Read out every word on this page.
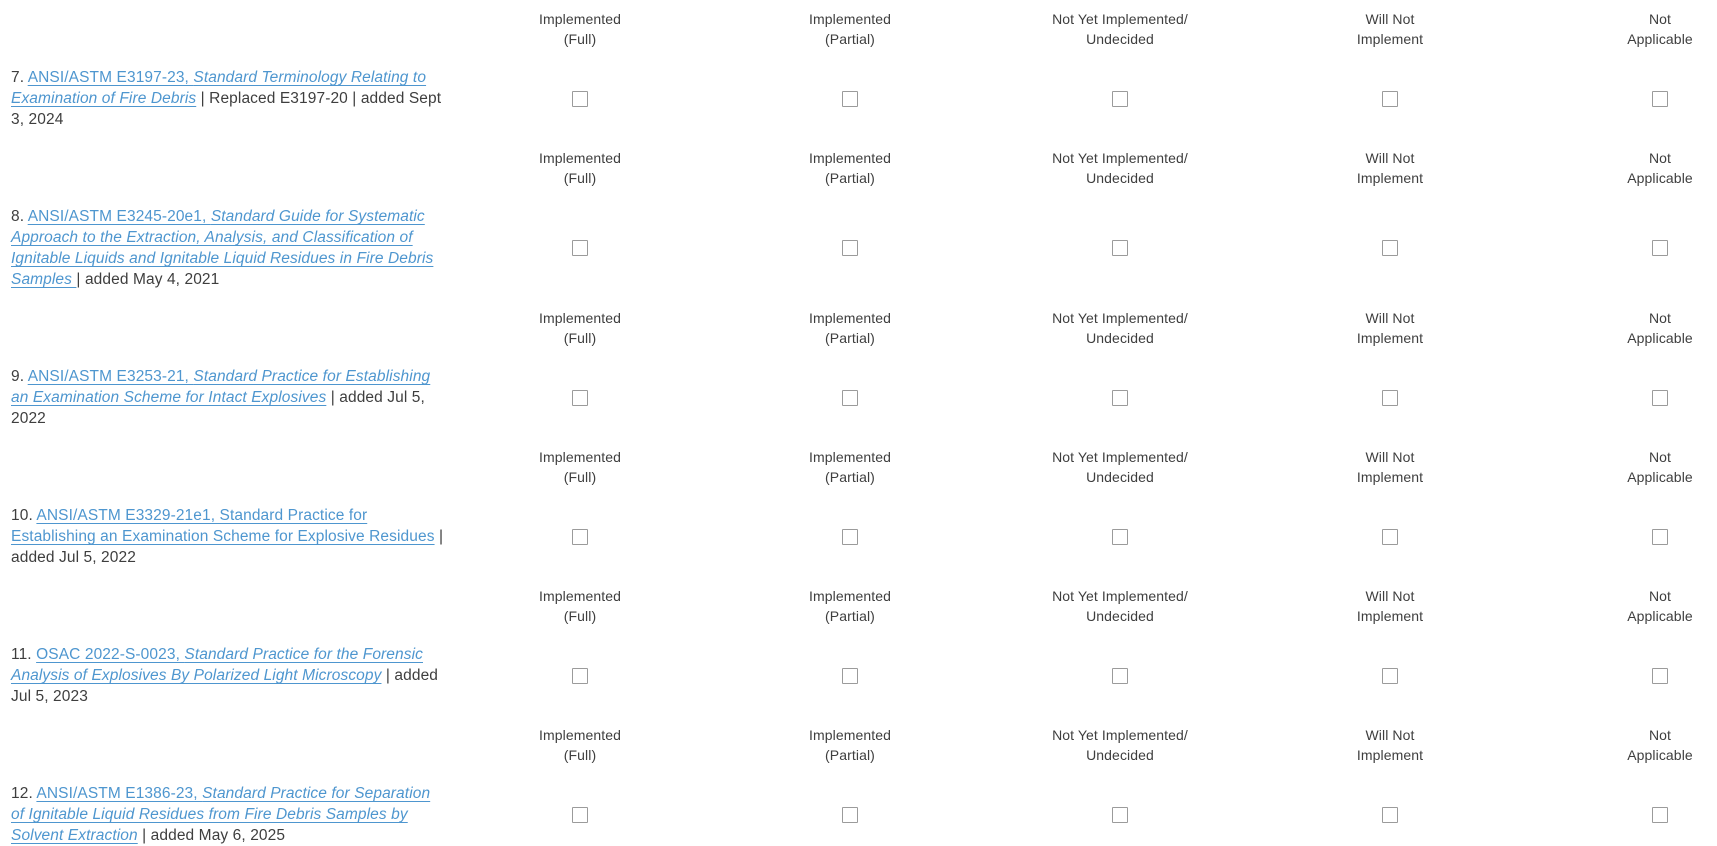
Implemented
(Full)
Implemented
(Partial)
Not Yet Implemented/
Undecided
Will Not
Implement
Not
Applicable
7. ANSI/ASTM E3197-23, Standard Terminology Relating to Examination of Fire Debris | Replaced E3197-20 | added Sept 3, 2024
Implemented
(Full)
Implemented
(Partial)
Not Yet Implemented/
Undecided
Will Not
Implement
Not
Applicable
8. ANSI/ASTM E3245-20e1, Standard Guide for Systematic Approach to the Extraction, Analysis, and Classification of Ignitable Liquids and Ignitable Liquid Residues in Fire Debris Samples | added May 4, 2021
Implemented
(Full)
Implemented
(Partial)
Not Yet Implemented/
Undecided
Will Not
Implement
Not
Applicable
9. ANSI/ASTM E3253-21, Standard Practice for Establishing an Examination Scheme for Intact Explosives | added Jul 5, 2022
Implemented
(Full)
Implemented
(Partial)
Not Yet Implemented/
Undecided
Will Not
Implement
Not
Applicable
10. ANSI/ASTM E3329-21e1, Standard Practice for Establishing an Examination Scheme for Explosive Residues | added Jul 5, 2022
Implemented
(Full)
Implemented
(Partial)
Not Yet Implemented/
Undecided
Will Not
Implement
Not
Applicable
11. OSAC 2022-S-0023, Standard Practice for the Forensic Analysis of Explosives By Polarized Light Microscopy | added Jul 5, 2023
Implemented
(Full)
Implemented
(Partial)
Not Yet Implemented/
Undecided
Will Not
Implement
Not
Applicable
12. ANSI/ASTM E1386-23, Standard Practice for Separation of Ignitable Liquid Residues from Fire Debris Samples by Solvent Extraction | added May 6, 2025
